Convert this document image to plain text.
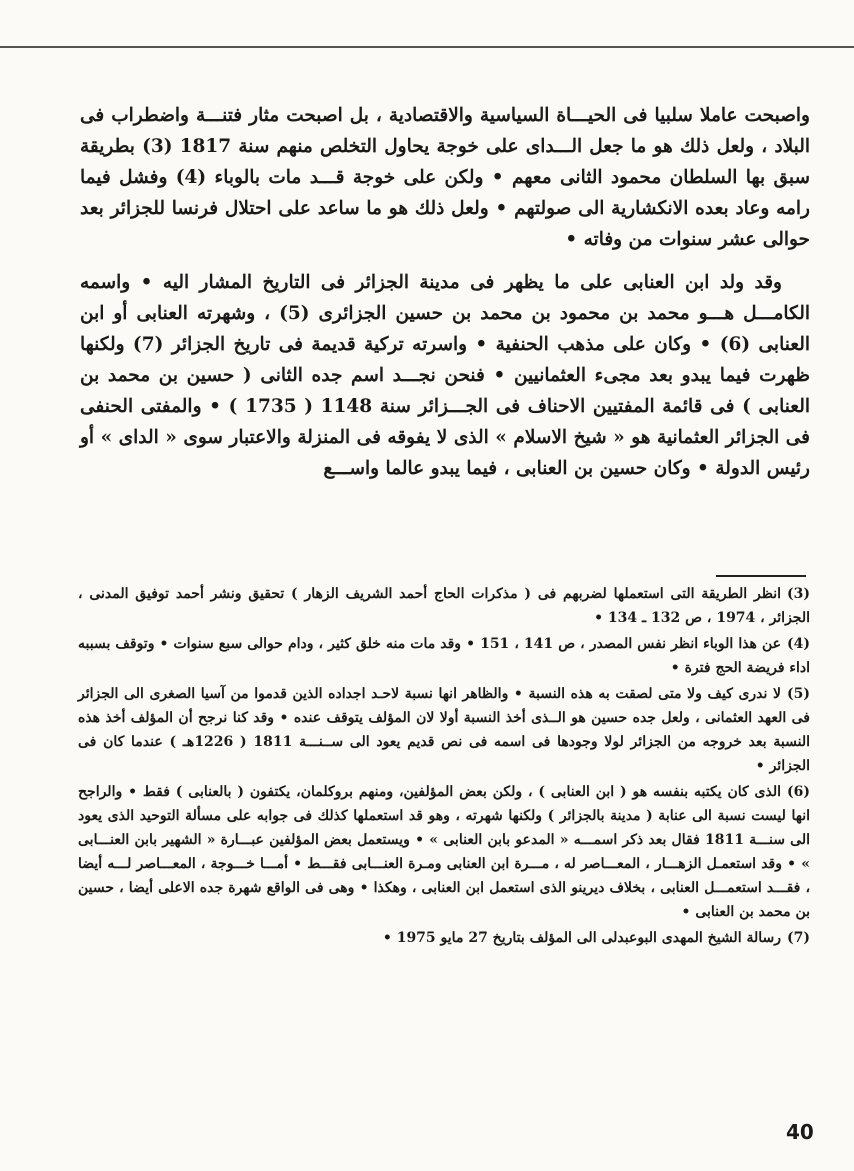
واصبحت عاملا سلبيا فى الحيـــاة السياسية والاقتصادية ، بل اصبحت مثار فتنـــة واضطراب فى البلاد ، ولعل ذلك هو ما جعل الـــداى على خوجة يحاول التخلص منهم سنة 1817 (3) بطريقة سبق بها السلطان محمود الثانى معهم • ولكن على خوجة قـــد مات بالوباء (4) وفشل فيما رامه وعاد بعده الانكشارية الى صولتهم • ولعل ذلك هو ما ساعد على احتلال فرنسا للجزائر بعد حوالى عشر سنوات من وفاته •

وقد ولد ابن العنابى على ما يظهر فى مدينة الجزائر فى التاريخ المشار اليه • واسمه الكامـــل هـــو محمد بن محمود بن محمد بن حسين الجزائرى (5) ، وشهرته العنابى أو ابن العنابى (6) • وكان على مذهب الحنفية • واسرته تركية قديمة فى تاريخ الجزائر (7) ولكنها ظهرت فيما يبدو بعد مجىء العثمانيين • فنحن نجـــد اسم جده الثانى ( حسين بن محمد بن العنابى ) فى قائمة المفتيين الاحناف فى الجـــزائر سنة 1148 ( 1735 ) • والمفتى الحنفى فى الجزائر العثمانية هو « شيخ الاسلام » الذى لا يفوقه فى المنزلة والاعتبار سوى « الداى » أو رئيس الدولة • وكان حسين بن العنابى ، فيما يبدو عالما واســـع

(3)انظر الطريقة التى استعملها لضربهم فى ( مذكرات الحاج أحمد الشريف الزهار ) تحقيق ونشر أحمد توفيق المدنى ، الجزائر ، 1974 ، ص 132 ـ 134 •

(4)عن هذا الوباء انظر نفس المصدر ، ص 141 ، 151 • وقد مات منه خلق كثير ، ودام حوالى سبع سنوات • وتوقف بسببه اداء فريضة الحج فترة •

(5)لا ندرى كيف ولا متى لصقت به هذه النسبة • والظاهر انها نسبة لاحـد اجداده الذين قدموا من آسيا الصغرى الى الجزائر فى العهد العثمانى ، ولعل جده حسين هو الــذى أخذ النسبة أولا لان المؤلف يتوقف عنده • وقد كنا نرجح أن المؤلف أخذ هذه النسبة بعد خروجه من الجزائر لولا وجودها فى اسمه فى نص قديم يعود الى ســنـــة 1811 ( 1226هـ ) عندما كان فى الجزائر •

(6)الذى كان يكتبه بنفسه هو ( ابن العنابى ) ، ولكن بعض المؤلفين، ومنهم بروكلمان، يكتفون ( بالعنابى ) فقط • والراجح انها ليست نسبة الى عنابة ( مدينة بالجزائر ) ولكنها شهرته ، وهو قد استعملها كذلك فى جوابه على مسألة التوحيد الذى يعود الى سنـــة 1811 فقال بعد ذكر اسمـــه « المدعو بابن العنابى » • ويستعمل بعض المؤلفين عبـــارة « الشهير بابن العنـــابى » • وقد استعمـل الزهـــار ، المعـــاصر له ، مـــرة ابن العنابى ومـرة العنـــابى فقـــط • أمـــا خـــوجة ، المعـــاصر لـــه أيضا ، فقـــد استعمـــل العنابى ، بخلاف ديرينو الذى استعمل ابن العنابى ، وهكذا • وهى فى الواقع شهرة جده الاعلى أيضا ، حسين بن محمد بن العنابى •

(7)رسالة الشيخ المهدى البوعبدلى الى المؤلف بتاريخ 27 مايو 1975 •

40
